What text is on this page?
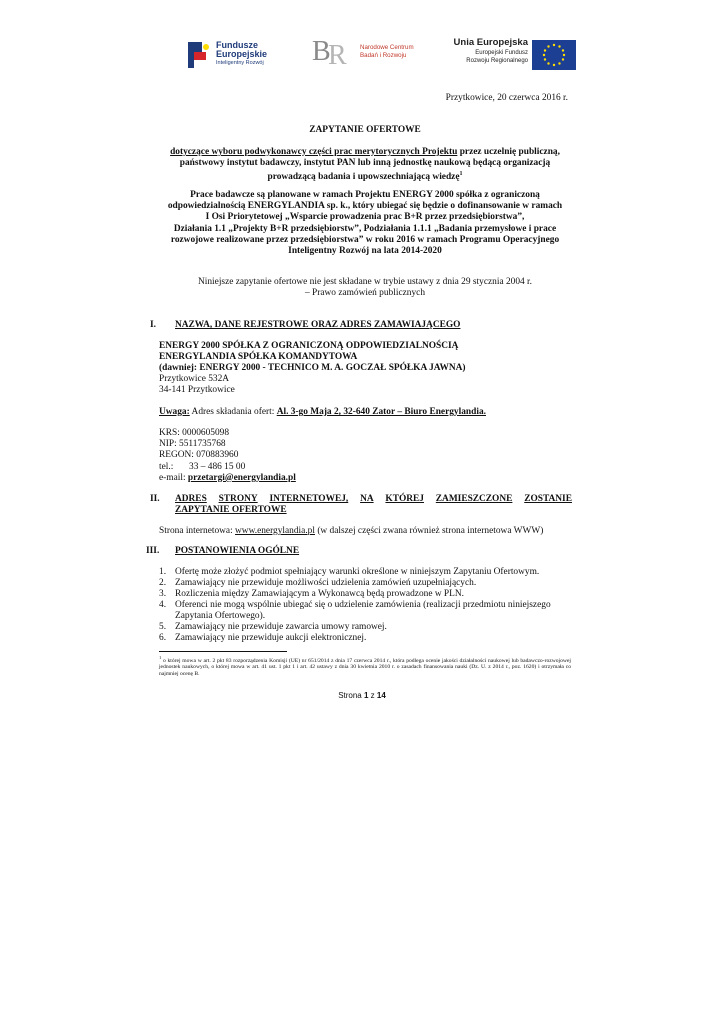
Fundusze
Europejskie
Inteligentny Rozwój B
R Narodowe Centrum
Badań i Rozwoju
Unia Europejska
Europejski Fundusz
Rozwoju Regionalnego
Przytkowice, 20 czerwca 2016 r.
ZAPYTANIE OFERTOWE
dotyczące wyboru podwykonawcy części prac merytorycznych Projektu przez uczelnię publiczną,
państwowy instytut badawczy, instytut PAN lub inną jednostkę naukową będącą organizacją
prowadzącą badania i upowszechniającą wiedzę$^1$
Prace badawcze są planowane w ramach Projektu ENERGY 2000 spółka z ograniczoną
odpowiedzialnością ENERGYLANDIA sp. k., który ubiegać się będzie o dofinansowanie w ramach
I Osi Priorytetowej „Wsparcie prowadzenia prac B+R przez przedsiębiorstwa”,
Działania 1.1 „Projekty B+R przedsiębiorstw”, Podziałania 1.1.1 „Badania przemysłowe i prace
rozwojowe realizowane przez przedsiębiorstwa” w roku 2016 w ramach Programu Operacyjnego
Inteligentny Rozwój na lata 2014-2020
Niniejsze zapytanie ofertowe nie jest składane w trybie ustawy z dnia 29 stycznia 2004 r.
– Prawo zamówień publicznych
I. NAZWA, DANE REJESTROWE ORAZ ADRES ZAMAWIAJĄCEGO
ENERGY 2000 SPÓŁKA Z OGRANICZONĄ ODPOWIEDZIALNOŚCIĄ
ENERGYLANDIA SPÓŁKA KOMANDYTOWA
(dawniej: ENERGY 2000 - TECHNICO M. A. GOCZAŁ SPÓŁKA JAWNA)
Przytkowice 532A
34-141 Przytkowice
Uwaga: Adres składania ofert: Al. 3-go Maja 2, 32-640 Zator – Biuro Energylandia.
KRS: 0000605098
NIP: 5511735768
REGON: 070883960
tel.: 33 – 486 15 00
e-mail: przetargi@energylandia.pl
II. ADRES STRONY INTERNETOWEJ, NA KTÓREJ ZAMIESZCZONE ZOSTANIE
ZAPYTANIE OFERTOWE
Strona internetowa: www.energylandia.pl (w dalszej części zwana również strona internetowa WWW)
III. POSTANOWIENIA OGÓLNE
1. Ofertę może złożyć podmiot spełniający warunki określone w niniejszym Zapytaniu Ofertowym.
2. Zamawiający nie przewiduje możliwości udzielenia zamówień uzupełniających.
3. Rozliczenia między Zamawiającym a Wykonawcą będą prowadzone w PLN.
4. Oferenci nie mogą wspólnie ubiegać się o udzielenie zamówienia (realizacji przedmiotu niniejszego
Zapytania Ofertowego).
5. Zamawiający nie przewiduje zawarcia umowy ramowej.
6. Zamawiający nie przewiduje aukcji elektronicznej.
$^1$ o której mowa w art. 2 pkt 83 rozporządzenia Komisji (UE) nr 651/2014 z dnia 17 czerwca 2014 r., która podlega ocenie jakości działalności naukowej lub badawczo-rozwojowej jednostek naukowych, o której mowa w art. 41 ust. 1 pkt 1 i art. 42 ustawy z dnia 30 kwietnia 2010 r. o zasadach finansowania nauki (Dz. U. z 2014 r., poz. 1620) i otrzymała co najmniej ocenę B.
Strona 1 z 14
